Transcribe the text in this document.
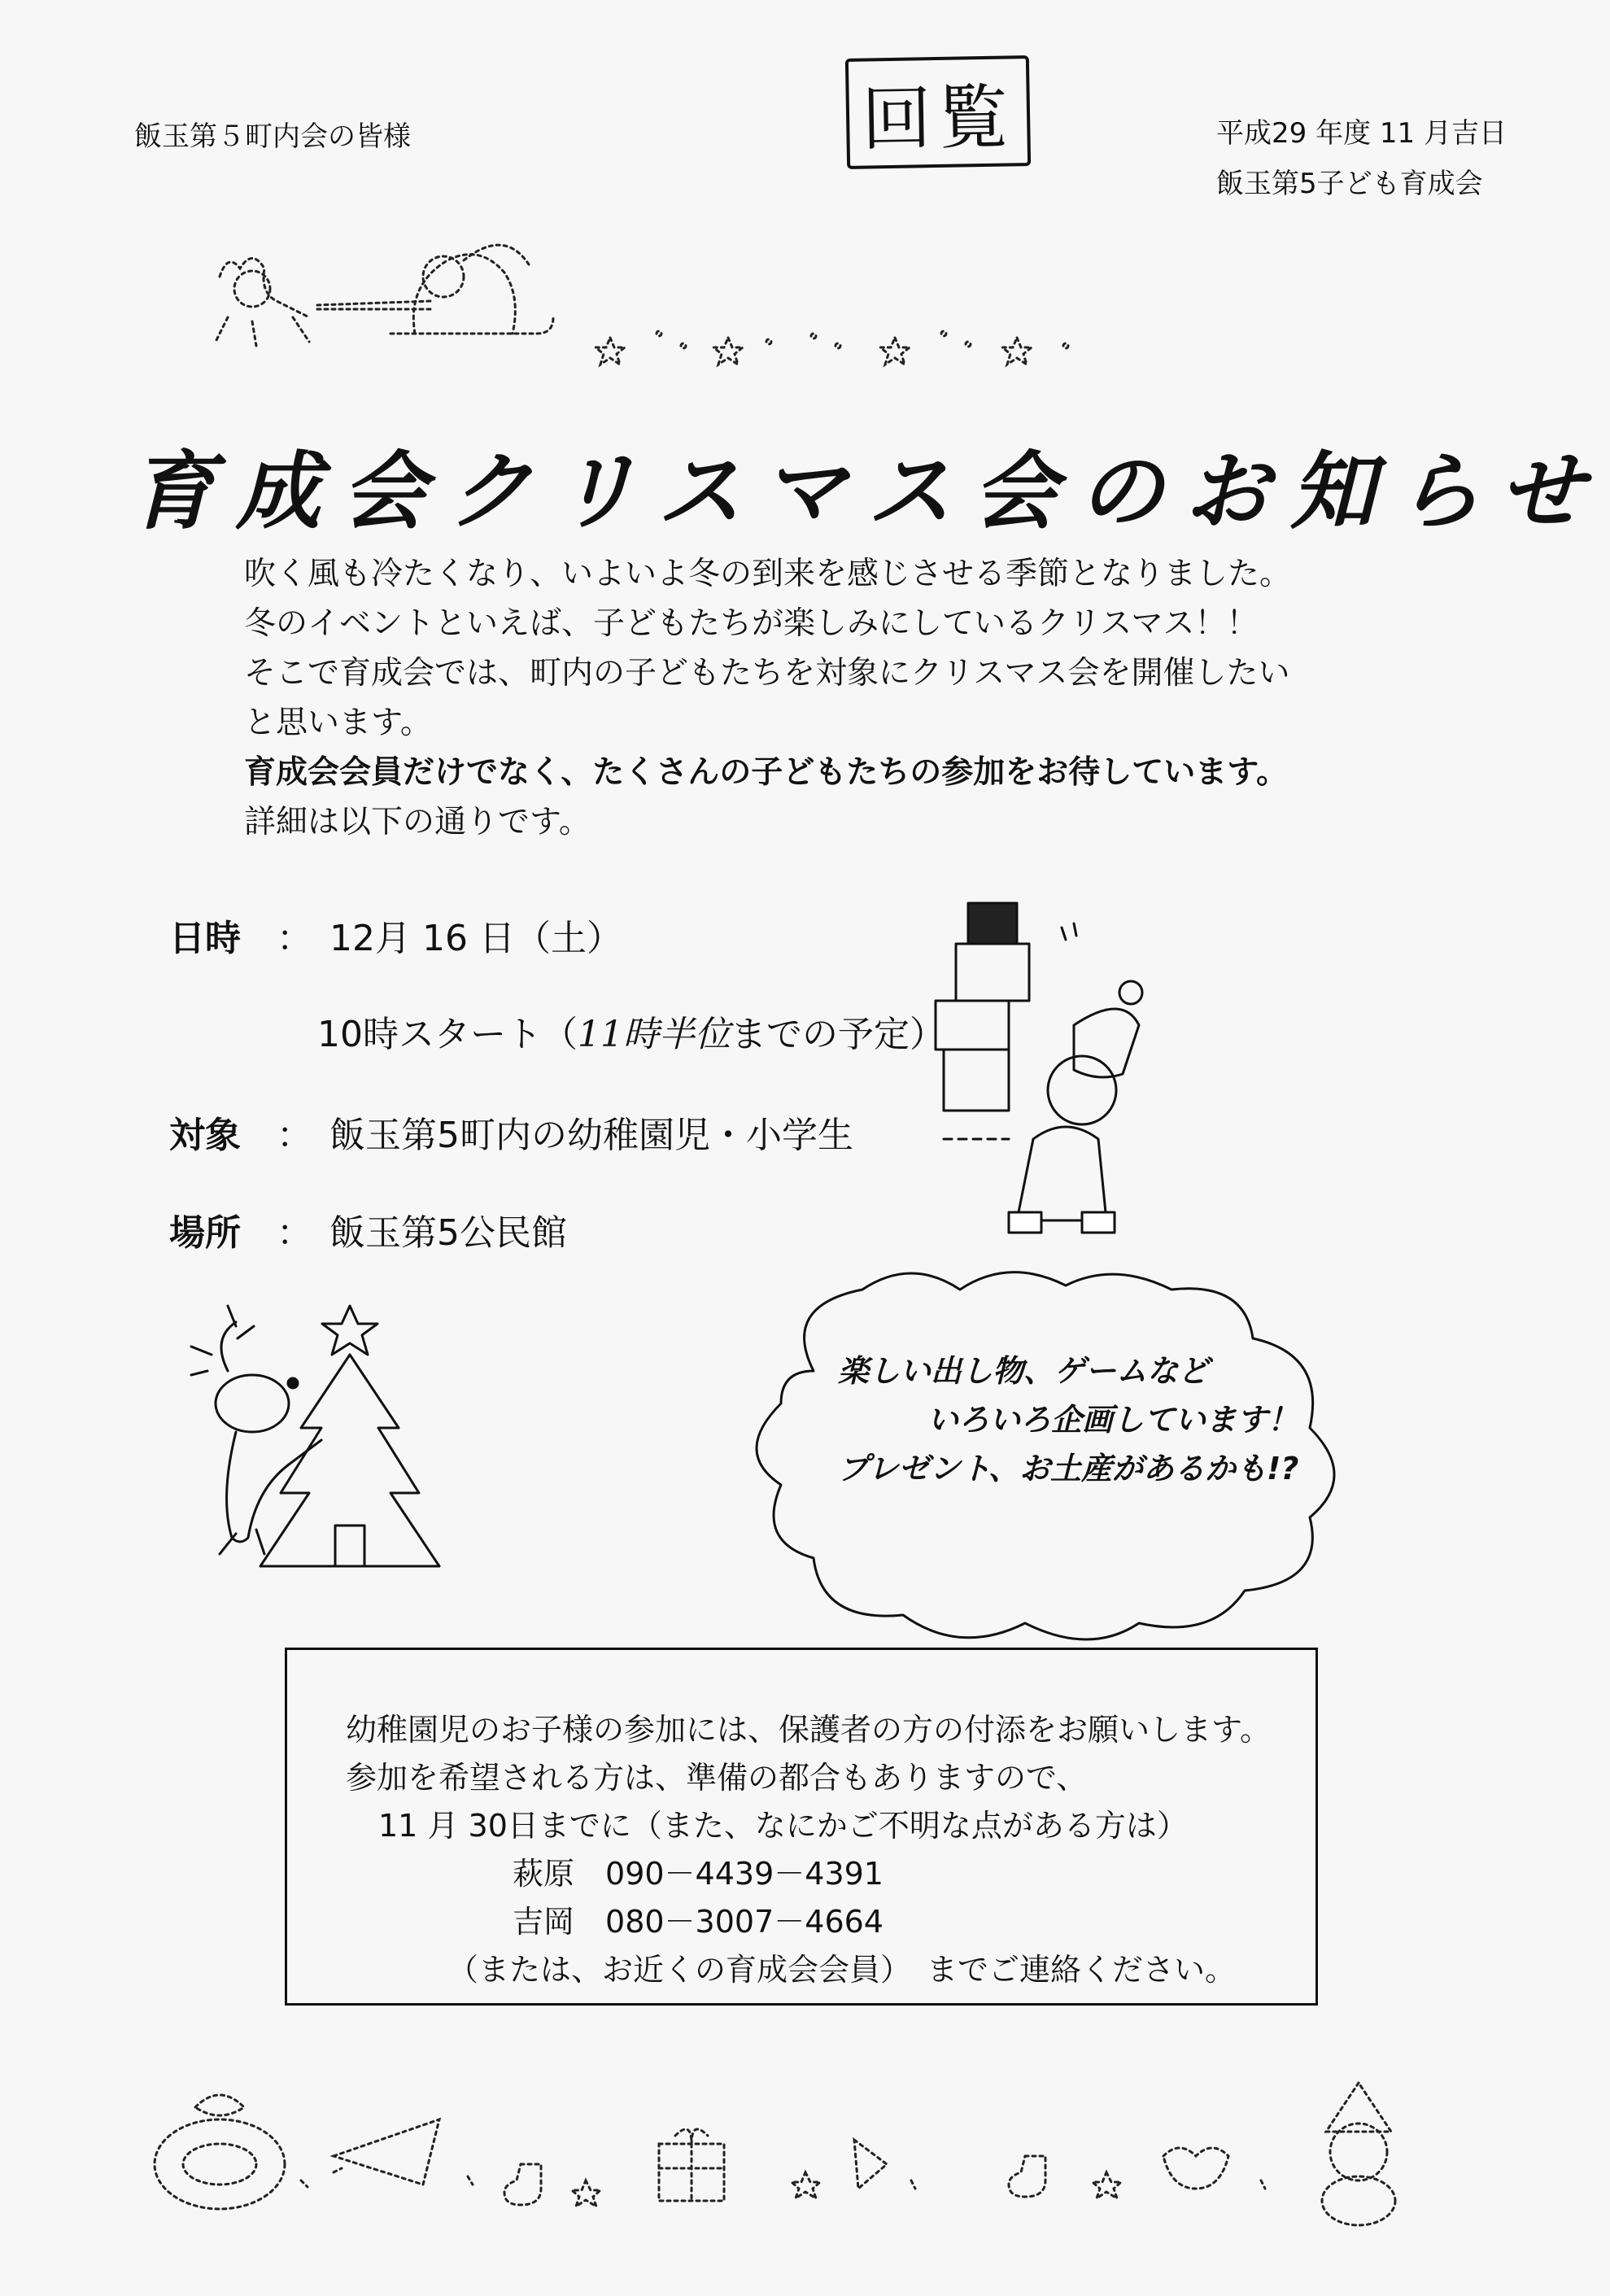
飯玉第５町内会の皆様	回覧	平成29 年度 11 月吉日
飯玉第5子ども育成会
育成会クリスマス会のお知らせ

吹く風も冷たくなり、いよいよ冬の到来を感じさせる季節となりました。

冬のイベントといえば、子どもたちが楽しみにしているクリスマス！！

そこで育成会では、町内の子どもたちを対象にクリスマス会を開催したい

と思います。

育成会会員だけでなく、たくさんの子どもたちの参加をお待しています。

詳細は以下の通りです。

日時 ： 12月 16 日（土）
10時スタート（11時半位までの予定）
対象 ： 飯玉第5町内の幼稚園児・小学生
場所 ： 飯玉第5公民館

楽しい出し物、ゲームなど

いろいろ企画しています！

プレゼント、お土産があるかも!?

幼稚園児のお子様の参加には、保護者の方の付添をお願いします。

参加を希望される方は、準備の都合もありますので、

11 月 30日までに（また、なにかご不明な点がある方は）

萩原　 090－4439－4391

吉岡　 080－3007－4664

（または、お近くの育成会会員）　までご連絡ください。
